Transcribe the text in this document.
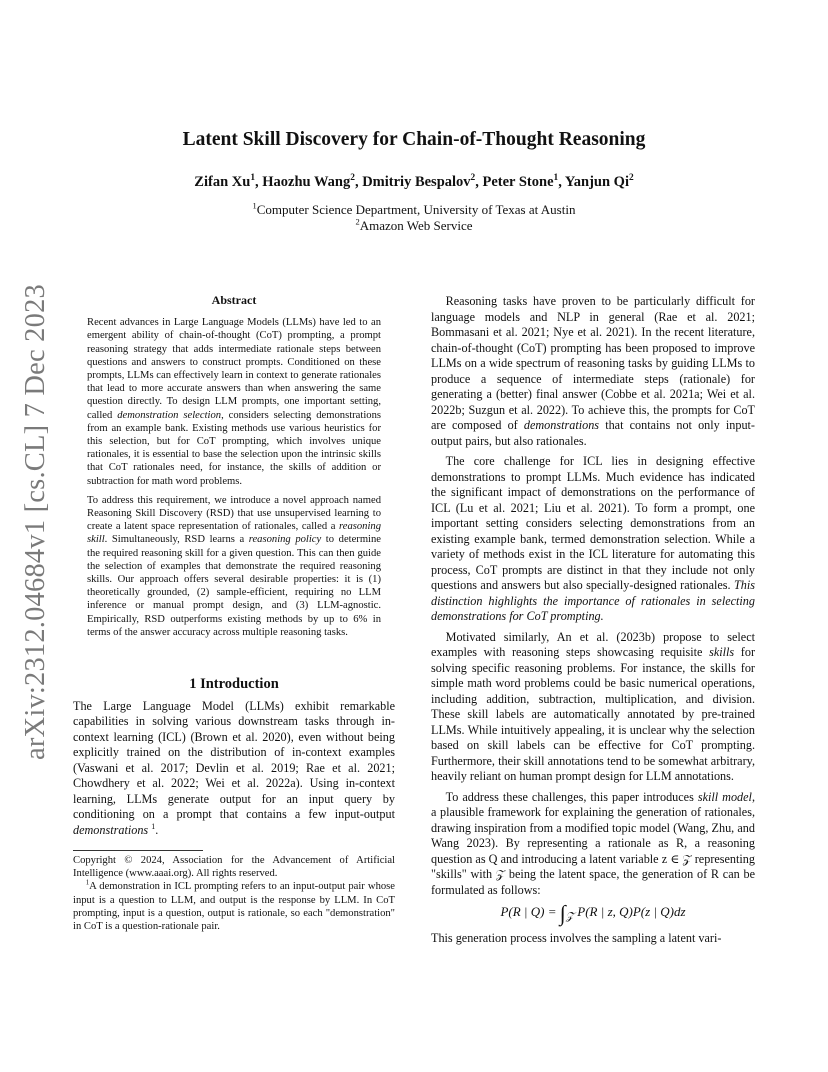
arXiv:2312.04684v1 [cs.CL] 7 Dec 2023
Latent Skill Discovery for Chain-of-Thought Reasoning
Zifan Xu$^1$, Haozhu Wang$^2$, Dmitriy Bespalov$^2$, Peter Stone$^1$, Yanjun Qi$^2$
$^1$Computer Science Department, University of Texas at Austin
$^2$Amazon Web Service
Abstract

Recent advances in Large Language Models (LLMs) have led to an emergent ability of chain-of-thought (CoT) prompting, a prompt reasoning strategy that adds intermediate rationale steps between questions and answers to construct prompts. Conditioned on these prompts, LLMs can effectively learn in context to generate rationales that lead to more accurate answers than when answering the same question directly. To design LLM prompts, one important setting, called demonstration selection, considers selecting demonstrations from an example bank. Existing methods use various heuristics for this selection, but for CoT prompting, which involves unique rationales, it is essential to base the selection upon the intrinsic skills that CoT rationales need, for instance, the skills of addition or subtraction for math word problems.

To address this requirement, we introduce a novel approach named Reasoning Skill Discovery (RSD) that use unsupervised learning to create a latent space representation of rationales, called a reasoning skill. Simultaneously, RSD learns a reasoning policy to determine the required reasoning skill for a given question. This can then guide the selection of examples that demonstrate the required reasoning skills. Our approach offers several desirable properties: it is (1) theoretically grounded, (2) sample-efficient, requiring no LLM inference or manual prompt design, and (3) LLM-agnostic. Empirically, RSD outperforms existing methods by up to 6% in terms of the answer accuracy across multiple reasoning tasks.

1 Introduction

The Large Language Model (LLMs) exhibit remarkable capabilities in solving various downstream tasks through in-context learning (ICL) (Brown et al. 2020), even without being explicitly trained on the distribution of in-context examples (Vaswani et al. 2017; Devlin et al. 2019; Rae et al. 2021; Chowdhery et al. 2022; Wei et al. 2022a). Using in-context learning, LLMs generate output for an input query by conditioning on a prompt that contains a few input-output demonstrations $^1$.

Copyright © 2024, Association for the Advancement of Artificial Intelligence (www.aaai.org). All rights reserved.

$^1$A demonstration in ICL prompting refers to an input-output pair whose input is a question to LLM, and output is the response by LLM. In CoT prompting, input is a question, output is rationale, so each "demonstration" in CoT is a question-rationale pair.

Reasoning tasks have proven to be particularly difficult for language models and NLP in general (Rae et al. 2021; Bommasani et al. 2021; Nye et al. 2021). In the recent literature, chain-of-thought (CoT) prompting has been proposed to improve LLMs on a wide spectrum of reasoning tasks by guiding LLMs to produce a sequence of intermediate steps (rationale) for generating a (better) final answer (Cobbe et al. 2021a; Wei et al. 2022b; Suzgun et al. 2022). To achieve this, the prompts for CoT are composed of demonstrations that contains not only input-output pairs, but also rationales.

The core challenge for ICL lies in designing effective demonstrations to prompt LLMs. Much evidence has indicated the significant impact of demonstrations on the performance of ICL (Lu et al. 2021; Liu et al. 2021). To form a prompt, one important setting considers selecting demonstrations from an existing example bank, termed demonstration selection. While a variety of methods exist in the ICL literature for automating this process, CoT prompts are distinct in that they include not only questions and answers but also specially-designed rationales. This distinction highlights the importance of rationales in selecting demonstrations for CoT prompting.

Motivated similarly, An et al. (2023b) propose to select examples with reasoning steps showcasing requisite skills for solving specific reasoning problems. For instance, the skills for simple math word problems could be basic numerical operations, including addition, subtraction, multiplication, and division. These skill labels are automatically annotated by pre-trained LLMs. While intuitively appealing, it is unclear why the selection based on skill labels can be effective for CoT prompting. Furthermore, their skill annotations tend to be somewhat arbitrary, heavily reliant on human prompt design for LLM annotations.

To address these challenges, this paper introduces skill model, a plausible framework for explaining the generation of rationales, drawing inspiration from a modified topic model (Wang, Zhu, and Wang 2023). By representing a rationale as R, a reasoning question as Q and introducing a latent variable z ∈ 𝒵 representing "skills" with 𝒵 being the latent space, the generation of R can be formulated as follows:

P(R | $Q) = \int_𝒵$ P(R | z, Q)P(z | Q)dz

This generation process involves the sampling a latent vari-
